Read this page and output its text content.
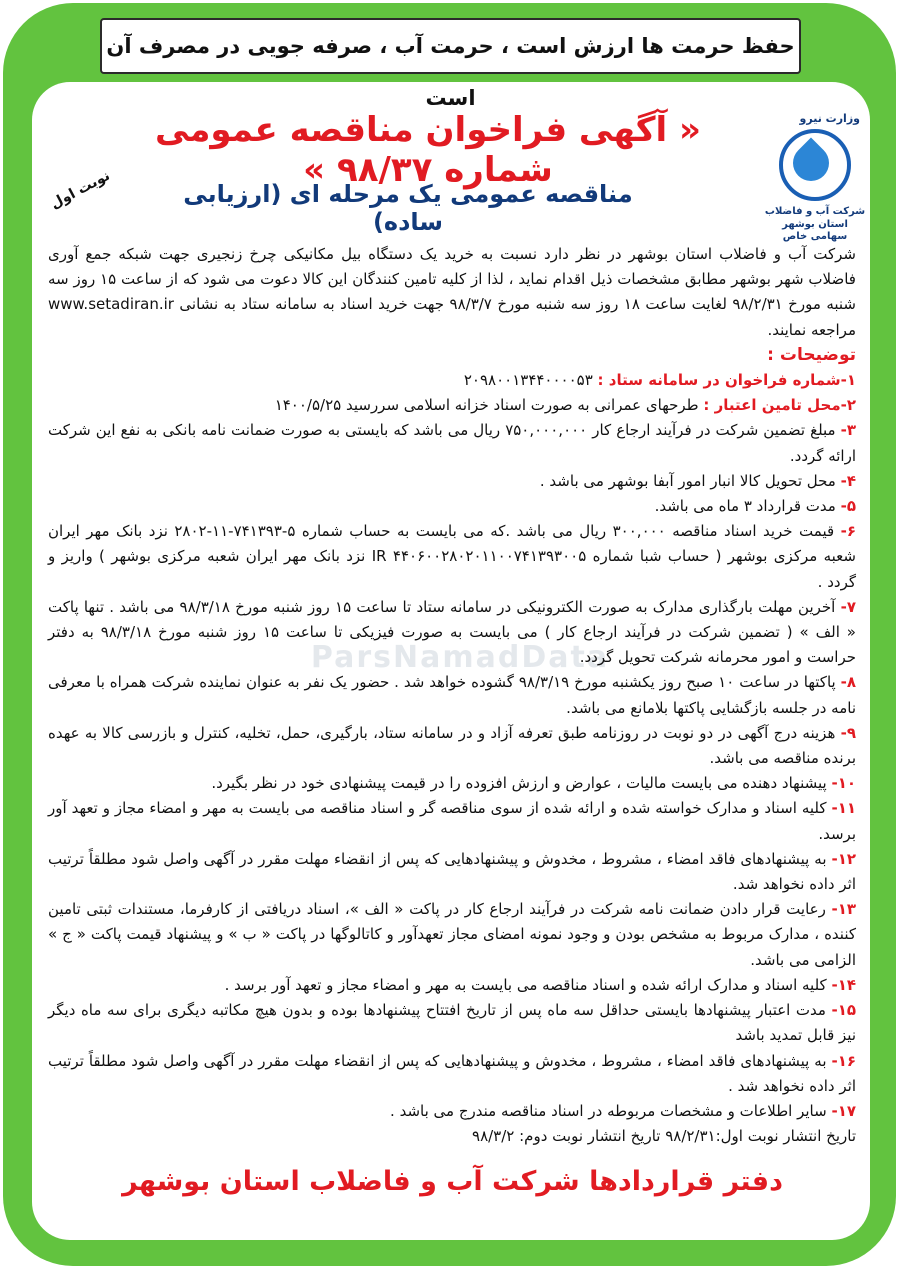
حفظ حرمت ها ارزش است ، حرمت آب ، صرفه جویی در مصرف آن است
وزارت نیرو
شرکت آب و فاضلاب استان بوشهر
سهامی خاص
« آگهی فراخوان مناقصه عمومی شماره ۹۸/۳۷ »
مناقصه عمومی یک مرحله ای (ارزیابی ساده)
نوبت اول
ParsNamadData

شرکت آب و فاضلاب استان بوشهر در نظر دارد نسبت به خرید یک دستگاه بیل مکانیکی چرخ زنجیری جهت شبکه جمع آوری فاضلاب شهر بوشهر مطابق مشخصات ذیل اقدام نماید ، لذا از کلیه تامین کنندگان این کالا دعوت می شود که از ساعت ۱۵ روز سه شنبه مورخ ۹۸/۲/۳۱ لغایت ساعت ۱۸ روز سه شنبه مورخ ۹۸/۳/۷ جهت خرید اسناد به سامانه ستاد به نشانی www.setadiran.ir مراجعه نمایند.

توضیحات :

۱-شماره فراخوان در سامانه ستاد : ۲۰۹۸۰۰۱۳۴۴۰۰۰۰۵۳

۲-محل تامین اعتبار : طرحهای عمرانی به صورت اسناد خزانه اسلامی سررسید ۱۴۰۰/۵/۲۵

۳- مبلغ تضمین شرکت در فرآیند ارجاع کار ۷۵۰,۰۰۰,۰۰۰ ریال می باشد که بایستی به صورت ضمانت نامه بانکی به نفع این شرکت ارائه گردد.

۴- محل تحویل کالا انبار امور آبفا بوشهر می باشد .

۵- مدت قرارداد ۳ ماه می باشد.

۶- قیمت خرید اسناد مناقصه ۳۰۰,۰۰۰ ریال می باشد .که می بایست به حساب شماره ۵-۷۴۱۳۹۳-۱۱-۲۸۰۲ نزد بانک مهر ایران شعبه مرکزی بوشهر ( حساب شبا شماره IR ۴۴۰۶۰۰۲۸۰۲۰۱۱۰۰۷۴۱۳۹۳۰۰۵ نزد بانک مهر ایران شعبه مرکزی بوشهر ) واریز و گردد .

۷- آخرین مهلت بارگذاری مدارک به صورت الکترونیکی در سامانه ستاد تا ساعت ۱۵ روز شنبه مورخ ۹۸/۳/۱۸ می باشد . تنها پاکت « الف » ( تضمین شرکت در فرآیند ارجاع کار ) می بایست به صورت فیزیکی تا ساعت ۱۵ روز شنبه مورخ ۹۸/۳/۱۸ به دفتر حراست و امور محرمانه شرکت تحویل گردد.

۸- پاکتها در ساعت ۱۰ صبح روز یکشنبه مورخ ۹۸/۳/۱۹ گشوده خواهد شد . حضور یک نفر به عنوان نماینده شرکت همراه با معرفی نامه در جلسه بازگشایی پاکتها بلامانع می باشد.

۹- هزینه درج آگهی در دو نوبت در روزنامه طبق تعرفه آزاد و در سامانه ستاد، بارگیری، حمل، تخلیه، کنترل و بازرسی کالا به عهده برنده مناقصه می باشد.

۱۰- پیشنهاد دهنده می بایست مالیات ، عوارض و ارزش افزوده را در قیمت پیشنهادی خود در نظر بگیرد.

۱۱- کلیه اسناد و مدارک خواسته شده و ارائه شده از سوی مناقصه گر و اسناد مناقصه می بایست به مهر و امضاء مجاز و تعهد آور برسد.

۱۲- به پیشنهادهای فاقد امضاء ، مشروط ، مخدوش و پیشنهادهایی که پس از انقضاء مهلت مقرر در آگهی واصل شود مطلقاً ترتیب اثر داده نخواهد شد.

۱۳- رعایت قرار دادن ضمانت نامه شرکت در فرآیند ارجاع کار در پاکت « الف »، اسناد دریافتی از کارفرما، مستندات ثبتی تامین کننده ، مدارک مربوط به مشخص بودن و وجود نمونه امضای مجاز تعهدآور و کاتالوگها در پاکت « ب » و پیشنهاد قیمت پاکت « ج » الزامی می باشد.

۱۴- کلیه اسناد و مدارک ارائه شده و اسناد مناقصه می بایست به مهر و امضاء مجاز و تعهد آور برسد .

۱۵- مدت اعتبار پیشنهادها بایستی حداقل سه ماه پس از تاریخ افتتاح پیشنهادها بوده و بدون هیچ مکاتبه دیگری برای سه ماه دیگر نیز قابل تمدید باشد

۱۶- به پیشنهادهای فاقد امضاء ، مشروط ، مخدوش و پیشنهادهایی که پس از انقضاء مهلت مقرر در آگهی واصل شود مطلقاً ترتیب اثر داده نخواهد شد .

۱۷- سایر اطلاعات و مشخصات مربوطه در اسناد مناقصه مندرج می باشد .

تاریخ انتشار نوبت اول:۹۸/۲/۳۱ تاریخ انتشار نوبت دوم: ۹۸/۳/۲

دفتر قراردادها شرکت آب و فاضلاب استان بوشهر
